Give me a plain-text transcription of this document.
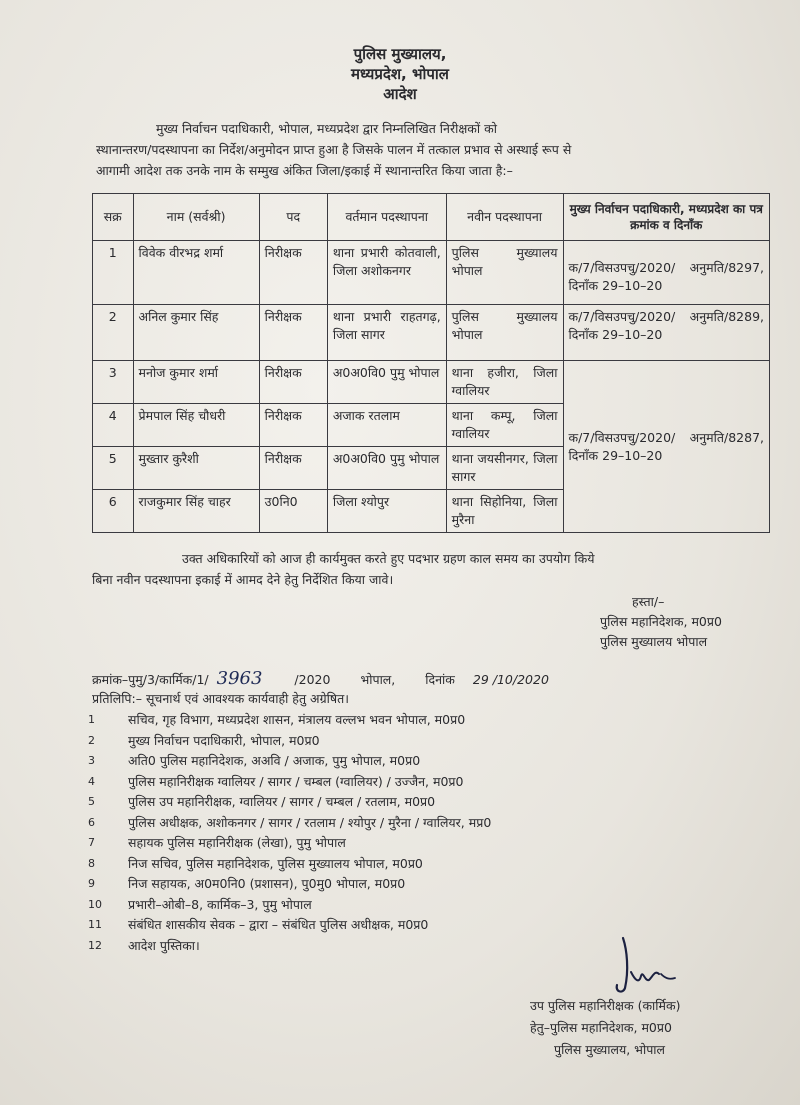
पुलिस मुख्यालय,
मध्यप्रदेश, भोपाल
आदेश
मुख्य निर्वाचन पदाधिकारी, भोपाल, मध्यप्रदेश द्वार निम्नलिखित निरीक्षकों को
स्थानान्तरण/पदस्थापना का निर्देश/अनुमोदन प्राप्त हुआ है जिसके पालन में तत्काल प्रभाव से अस्थाई रूप से
आगामी आदेश तक उनके नाम के सम्मुख अंकित जिला/इकाई में स्थानान्तरित किया जाता है:–
सक्र	नाम (सर्वश्री)	पद	वर्तमान पदस्थापना	नवीन पदस्थापना	मुख्य निर्वाचन पदाधिकारी, मध्यप्रदेश का पत्र क्रमांक व दिनाँक
1	विवेक वीरभद्र शर्मा	निरीक्षक	थाना प्रभारी कोतवाली, जिला अशोकनगर	पुलिस मुख्यालय भोपाल	क/7/विसउपचु/2020/ अनुमति/8297, दिनाँक 29–10–20
2	अनिल कुमार सिंह	निरीक्षक	थाना प्रभारी राहतगढ़, जिला सागर	पुलिस मुख्यालय भोपाल	क/7/विसउपचु/2020/ अनुमति/8289, दिनाँक 29–10–20
3	मनोज कुमार शर्मा	निरीक्षक	अ0अ0वि0 पुमु भोपाल	थाना हजीरा, जिला ग्वालियर	क/7/विसउपचु/2020/ अनुमति/8287, दिनाँक 29–10–20
4	प्रेमपाल सिंह चौधरी	निरीक्षक	अजाक रतलाम	थाना कम्पू, जिला ग्वालियर	
5	मुख्तार कुरैशी	निरीक्षक	अ0अ0वि0 पुमु भोपाल	थाना जयसीनगर, जिला सागर	
6	राजकुमार सिंह चाहर	उ0नि0	जिला श्योपुर	थाना सिहोनिया, जिला मुरैना	
उक्त अधिकारियों को आज ही कार्यमुक्त करते हुए पदभार ग्रहण काल समय का उपयोग किये
बिना नवीन पदस्थापना इकाई में आमद देने हेतु निर्देशित किया जावे।
हस्ता/–
पुलिस महानिदेशक, म0प्र0
पुलिस मुख्यालय भोपाल
क्रमांक–पुमु/3/कार्मिक/1/ 3963	/2020 भोपाल, दिनांक 29 /10/2020
प्रतिलिपि:– सूचनार्थ एवं आवश्यक कार्यवाही हेतु अग्रेषित।
1	सचिव, गृह विभाग, मध्यप्रदेश शासन, मंत्रालय वल्लभ भवन भोपाल, म0प्र0
2	मुख्य निर्वाचन पदाधिकारी, भोपाल, म0प्र0
3	अति0 पुलिस महानिदेशक, अअवि / अजाक, पुमु भोपाल, म0प्र0
4	पुलिस महानिरीक्षक ग्वालियर / सागर / चम्बल (ग्वालियर) / उज्जैन, म0प्र0
5	पुलिस उप महानिरीक्षक, ग्वालियर / सागर / चम्बल / रतलाम, म0प्र0
6	पुलिस अधीक्षक, अशोकनगर / सागर / रतलाम / श्योपुर / मुरैना / ग्वालियर, मप्र0
7	सहायक पुलिस महानिरीक्षक (लेखा), पुमु भोपाल
8	निज सचिव, पुलिस महानिदेशक, पुलिस मुख्यालय भोपाल, म0प्र0
9	निज सहायक, अ0म0नि0 (प्रशासन), पु0मु0 भोपाल, म0प्र0
10	प्रभारी–ओबी–8, कार्मिक–3, पुमु भोपाल
11	संबंधित शासकीय सेवक – द्वारा – संबंधित पुलिस अधीक्षक, म0प्र0
12	आदेश पुस्तिका।
उप पुलिस महानिरीक्षक (कार्मिक)
हेतु–पुलिस महानिदेशक, म0प्र0
पुलिस मुख्यालय, भोपाल
